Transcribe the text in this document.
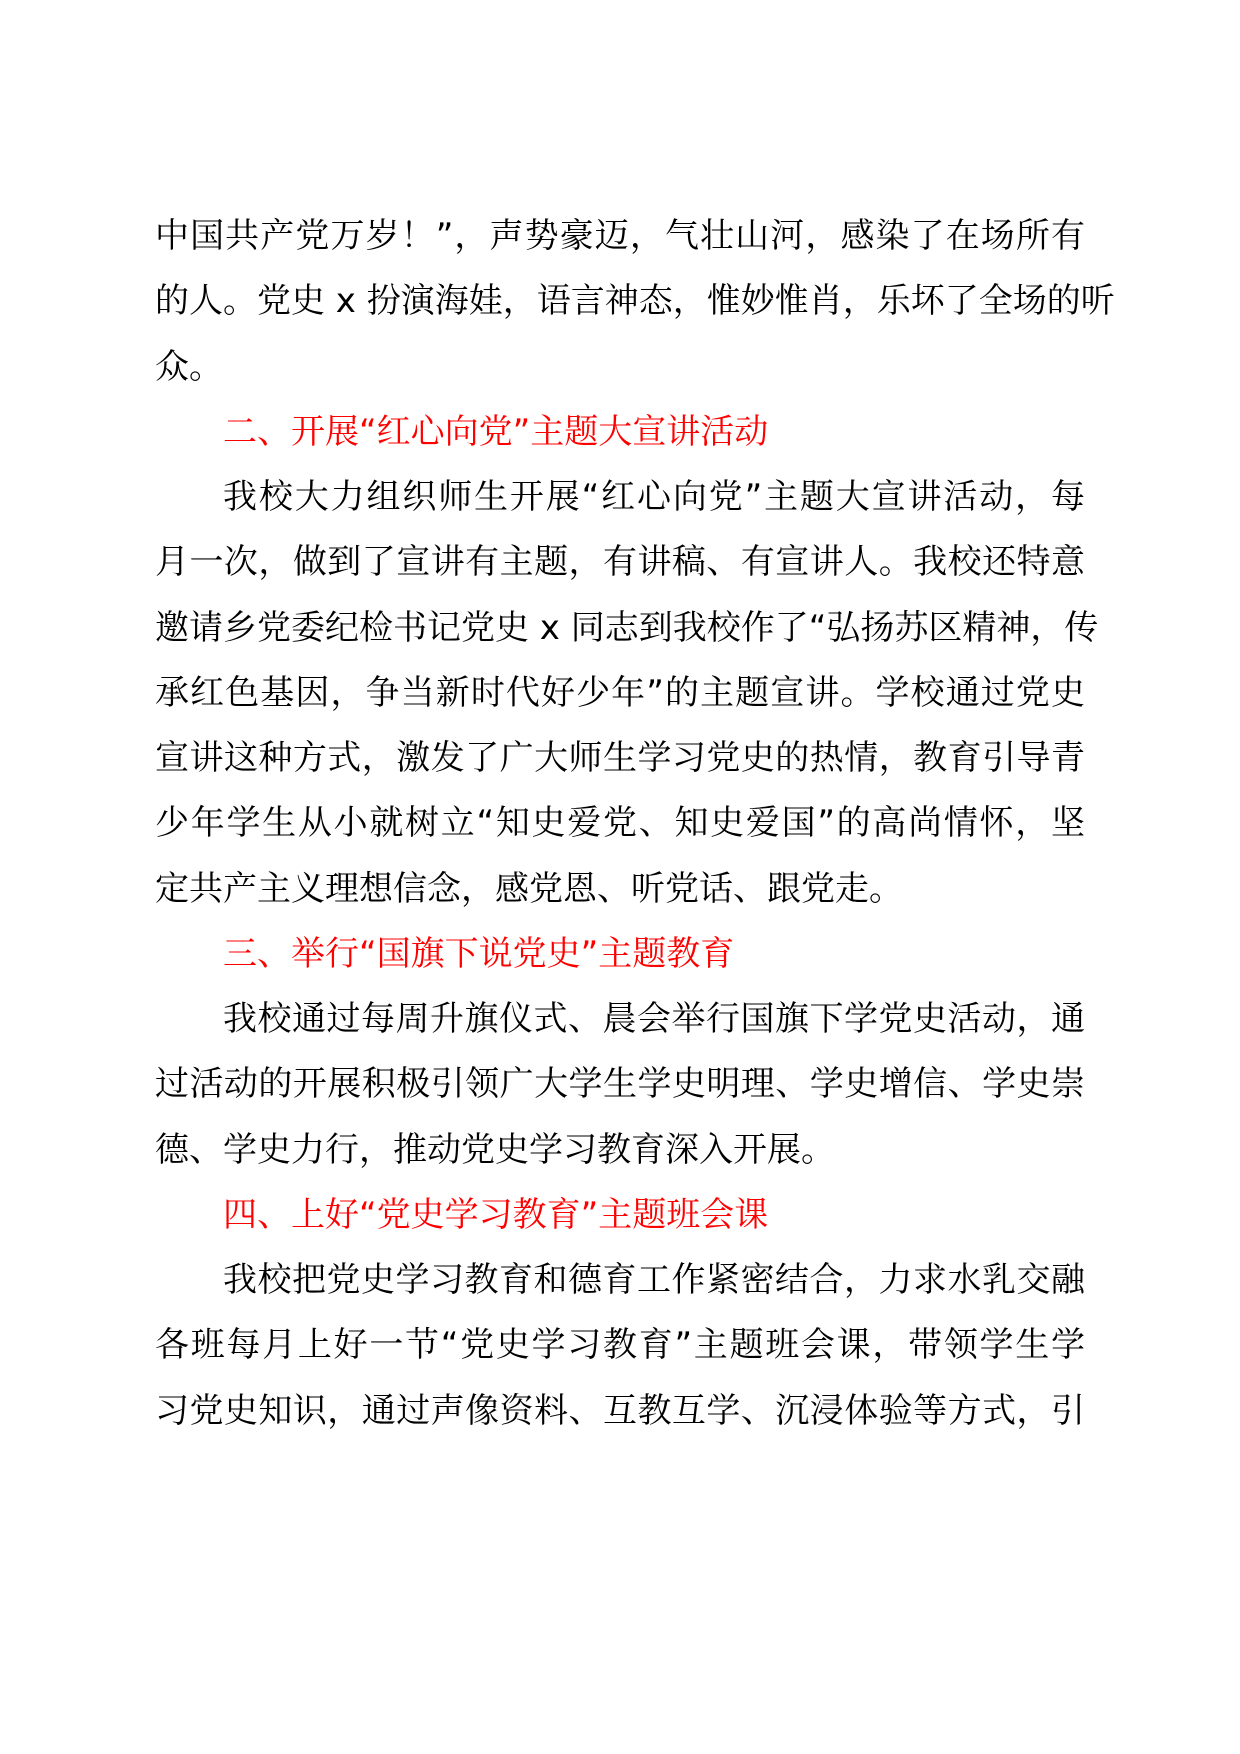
中国共产党万岁！”，声势豪迈，气壮山河，感染了在场所有
的人。党史 x 扮演海娃，语言神态，惟妙惟肖，乐坏了全场的听
众。
二、开展“红心向党”主题大宣讲活动
我校大力组织师生开展“红心向党”主题大宣讲活动，每
月一次，做到了宣讲有主题，有讲稿、有宣讲人。我校还特意
邀请乡党委纪检书记党史 x 同志到我校作了“弘扬苏区精神，传
承红色基因，争当新时代好少年”的主题宣讲。学校通过党史
宣讲这种方式，激发了广大师生学习党史的热情，教育引导青
少年学生从小就树立“知史爱党、知史爱国”的高尚情怀，坚
定共产主义理想信念，感党恩、听党话、跟党走。
三、举行“国旗下说党史”主题教育
我校通过每周升旗仪式、晨会举行国旗下学党史活动，通
过活动的开展积极引领广大学生学史明理、学史增信、学史崇
德、学史力行，推动党史学习教育深入开展。
四、上好“党史学习教育”主题班会课
我校把党史学习教育和德育工作紧密结合，力求水乳交融
各班每月上好一节“党史学习教育”主题班会课，带领学生学
习党史知识，通过声像资料、互教互学、沉浸体验等方式，引
